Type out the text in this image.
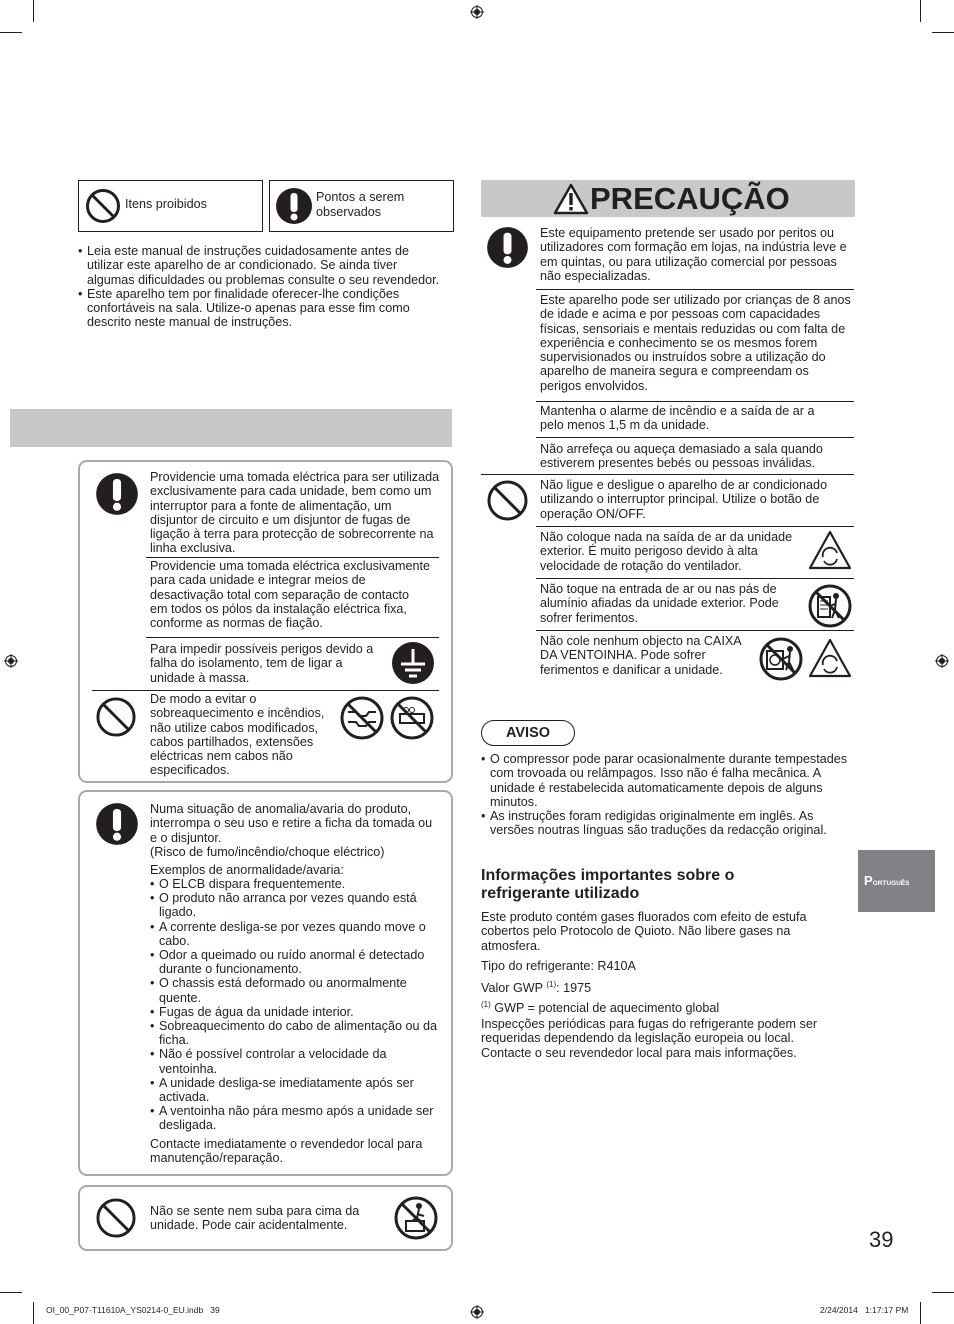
Itens proibidos	Pontos a serem
observados
• Leia este manual de instruções cuidadosamente antes de utilizar este aparelho de ar condicionado. Se ainda tiver algumas dificuldades ou problemas consulte o seu revendedor.
• Este aparelho tem por finalidade oferecer-lhe condições confortáveis na sala. Utilize-o apenas para esse fim como descrito neste manual de instruções.
Providencie uma tomada eléctrica para ser utilizada exclusivamente para cada unidade, bem como um interruptor para a fonte de alimentação, um disjuntor de circuito e um disjuntor de fugas de ligação à terra para protecção de sobrecorrente na linha exclusiva.
Providencie uma tomada eléctrica exclusivamente para cada unidade e integrar meios de desactivação total com separação de contacto em todos os pólos da instalação eléctrica fixa, conforme as normas de fiação.
Para impedir possíveis perigos devido a falha do isolamento, tem de ligar a unidade à massa.
De modo a evitar o sobreaquecimento e incêndios, não utilize cabos modificados, cabos partilhados, extensões eléctricas nem cabos não especificados.
Numa situação de anomalia/avaria do produto, interrompa o seu uso e retire a ficha da tomada ou e o disjuntor.
(Risco de fumo/incêndio/choque eléctrico)
Exemplos de anormalidade/avaria:
• O ELCB dispara frequentemente.
• O produto não arranca por vezes quando está ligado.
• A corrente desliga-se por vezes quando move o cabo.
• Odor a queimado ou ruído anormal é detectado durante o funcionamento.
• O chassis está deformado ou anormalmente quente.
• Fugas de água da unidade interior.
• Sobreaquecimento do cabo de alimentação ou da ficha.
• Não é possível controlar a velocidade da ventoinha.
• A unidade desliga-se imediatamente após ser activada.
• A ventoinha não pára mesmo após a unidade ser desligada.
Contacte imediatamente o revendedor local para manutenção/reparação.
Não se sente nem suba para cima da unidade. Pode cair acidentalmente.
PRECAUÇÃO
Este equipamento pretende ser usado por peritos ou utilizadores com formação em lojas, na indústria leve e em quintas, ou para utilização comercial por pessoas não especializadas.
Este aparelho pode ser utilizado por crianças de 8 anos de idade e acima e por pessoas com capacidades físicas, sensoriais e mentais reduzidas ou com falta de experiência e conhecimento se os mesmos forem supervisionados ou instruídos sobre a utilização do aparelho de maneira segura e compreendam os perigos envolvidos.
Mantenha o alarme de incêndio e a saída de ar a pelo menos 1,5 m da unidade.
Não arrefeça ou aqueça demasiado a sala quando estiverem presentes bebés ou pessoas inválidas.
Não ligue e desligue o aparelho de ar condicionado utilizando o interruptor principal. Utilize o botão de operação ON/OFF.
Não coloque nada na saída de ar da unidade exterior. É muito perigoso devido à alta velocidade de rotação do ventilador.
Não toque na entrada de ar ou nas pás de alumínio afiadas da unidade exterior. Pode sofrer ferimentos.
Não cole nenhum objecto na CAIXA DA VENTOINHA. Pode sofrer ferimentos e danificar a unidade.
AVISO
• O compressor pode parar ocasionalmente durante tempestades com trovoada ou relâmpagos. Isso não é falha mecânica. A unidade é restabelecida automaticamente depois de alguns minutos.
• As instruções foram redigidas originalmente em inglês. As versões noutras línguas são traduções da redacção original.
Informações importantes sobre o refrigerante utilizado
Este produto contém gases fluorados com efeito de estufa cobertos pelo Protocolo de Quioto. Não libere gases na atmosfera.
Tipo do refrigerante: R410A
Valor GWP $^{(1)}$: 1975
$^{(1)}$ GWP = potencial de aquecimento global
Inspecções periódicas para fugas do refrigerante podem ser requeridas dependendo da legislação europeia ou local. Contacte o seu revendedor local para mais informações.
PORTUGUÊS
39
OI_00_P07-T11610A_YS0214-0_EU.indb   39	2/24/2014   1:17:17 PM
